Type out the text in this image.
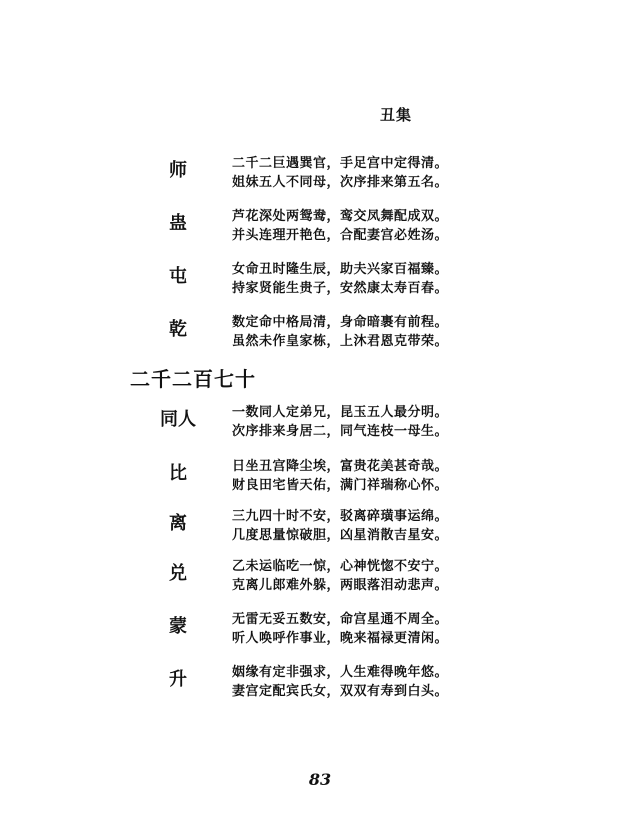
丑集
师	二千二巨遇巽官，手足宫中定得清。
姐妹五人不同母，次序排来第五名。
蛊	芦花深处两鸳鸯，鸾交凤舞配成双。
并头连理开艳色，合配妻宫必姓汤。
屯	女命丑时隆生辰，助夫兴家百福臻。
持家贤能生贵子，安然康太寿百春。
乾	数定命中格局清，身命暗裹有前程。
虽然未作皇家栋，上沐君恩克带荣。
二千二百七十
同人	一数同人定弟兄，昆玉五人最分明。
次序排来身居二，同气连枝一母生。
比	日坐丑宫降尘埃，富贵花美甚奇哉。
财良田宅皆天佑，满门祥瑞称心怀。
离	三九四十时不安，驳离碎璜事运绵。
几度思量惊破胆，凶星消散吉星安。
兑	乙未运临吃一惊，心神恍惚不安宁。
克离儿郎难外躲，两眼落泪动悲声。
蒙	无雷无妥五数安，命宫星通不周全。
听人唤呼作事业，晚来福禄更清闲。
升	姻缘有定非强求，人生难得晚年悠。
妻宫定配宾氏女，双双有寿到白头。
83
